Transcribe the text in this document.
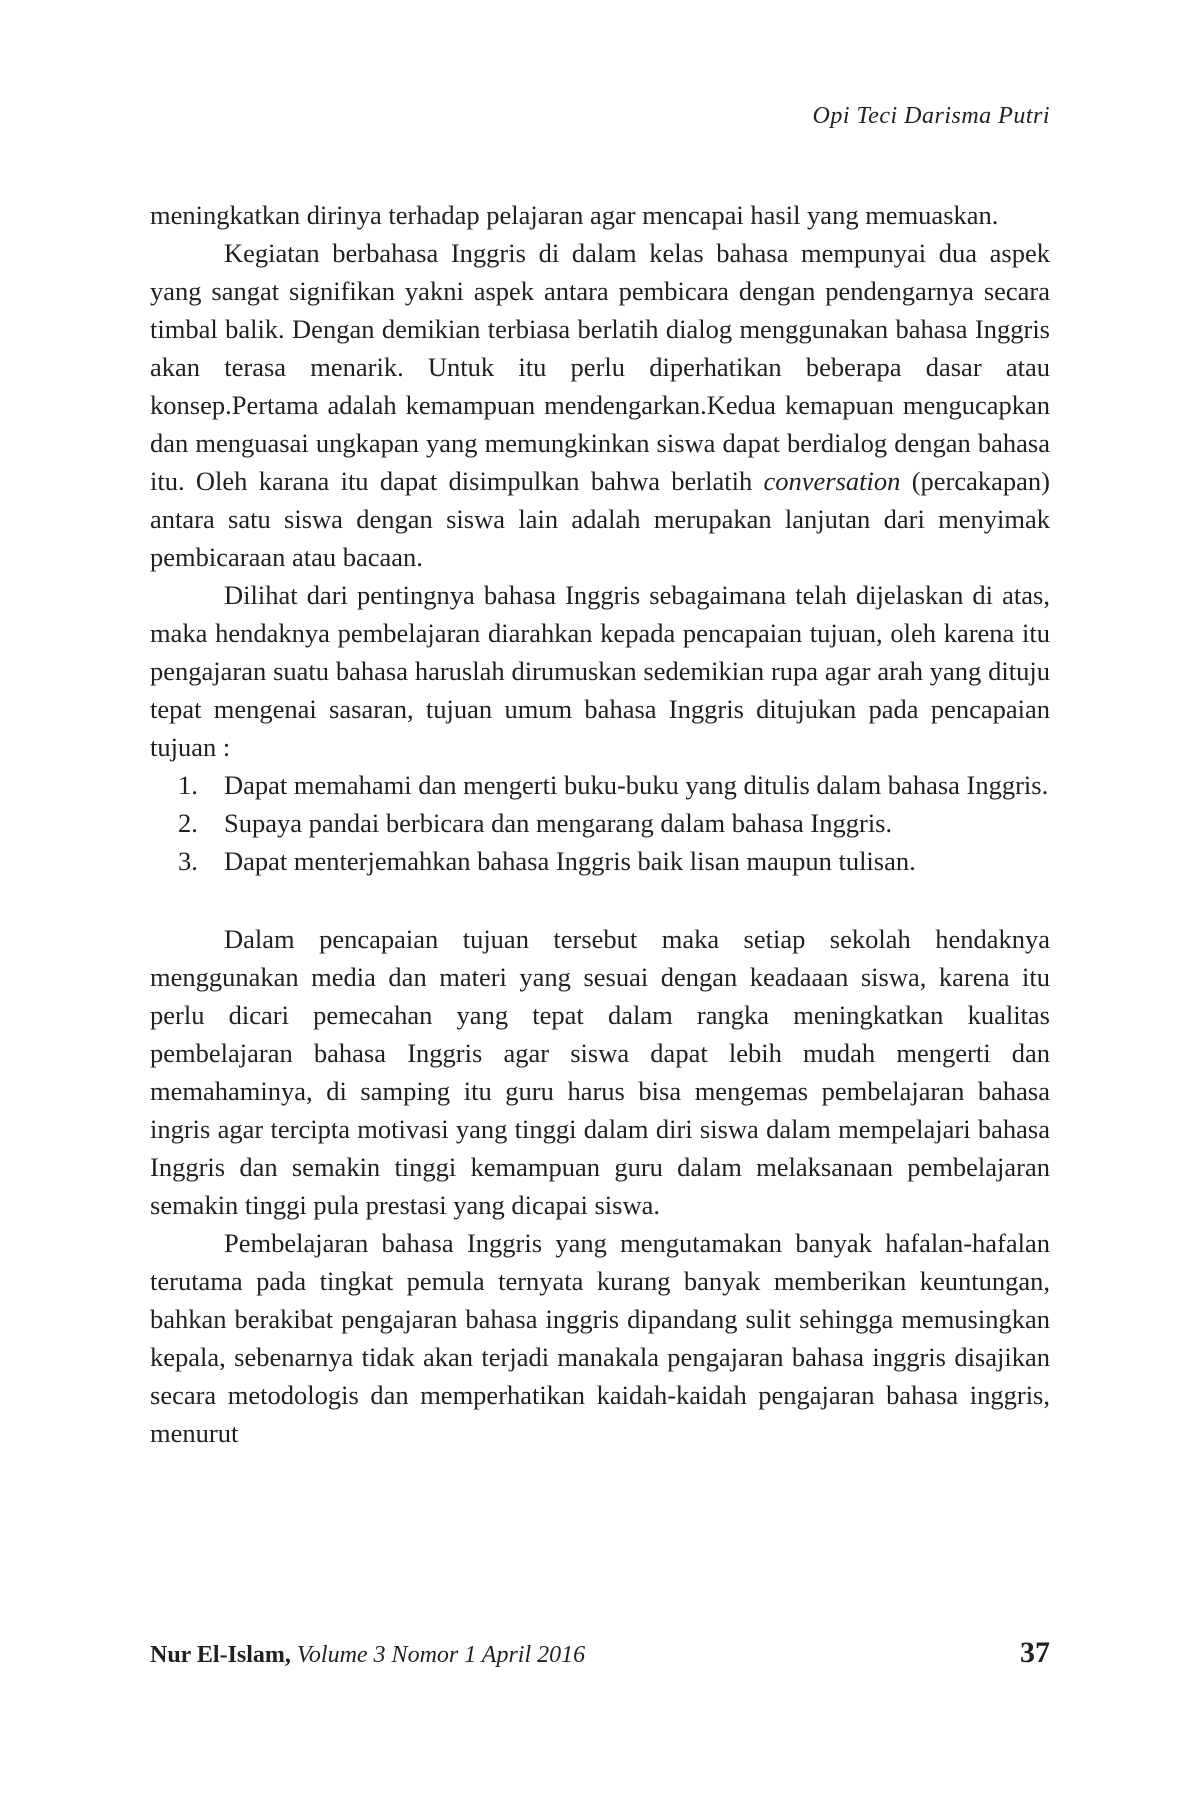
Opi Teci Darisma Putri

meningkatkan dirinya terhadap pelajaran agar mencapai hasil yang memuaskan.

Kegiatan berbahasa Inggris di dalam kelas bahasa mempunyai dua aspek yang sangat signifikan yakni aspek antara pembicara dengan pendengarnya secara timbal balik. Dengan demikian terbiasa berlatih dialog menggunakan bahasa Inggris akan terasa menarik. Untuk itu perlu diperhatikan beberapa dasar atau konsep.Pertama adalah kemampuan mendengarkan.Kedua kemapuan mengucapkan dan menguasai ungkapan yang memungkinkan siswa dapat berdialog dengan bahasa itu. Oleh karana itu dapat disimpulkan bahwa berlatih conversation (percakapan) antara satu siswa dengan siswa lain adalah merupakan lanjutan dari menyimak pembicaraan atau bacaan.

Dilihat dari pentingnya bahasa Inggris sebagaimana telah dijelaskan di atas, maka hendaknya pembelajaran diarahkan kepada pencapaian tujuan, oleh karena itu pengajaran suatu bahasa haruslah dirumuskan sedemikian rupa agar arah yang dituju tepat mengenai sasaran, tujuan umum bahasa Inggris ditujukan pada pencapaian tujuan :

1. Dapat memahami dan mengerti buku-buku yang ditulis dalam bahasa Inggris.
2. Supaya pandai berbicara dan mengarang dalam bahasa Inggris.
3. Dapat menterjemahkan bahasa Inggris baik lisan maupun tulisan.

Dalam pencapaian tujuan tersebut maka setiap sekolah hendaknya menggunakan media dan materi yang sesuai dengan keadaaan siswa, karena itu perlu dicari pemecahan yang tepat dalam rangka meningkatkan kualitas pembelajaran bahasa Inggris agar siswa dapat lebih mudah mengerti dan memahaminya, di samping itu guru harus bisa mengemas pembelajaran bahasa ingris agar tercipta motivasi yang tinggi dalam diri siswa dalam mempelajari bahasa Inggris dan semakin tinggi kemampuan guru dalam melaksanaan pembelajaran semakin tinggi pula prestasi yang dicapai siswa.

Pembelajaran bahasa Inggris yang mengutamakan banyak hafalan-hafalan terutama pada tingkat pemula ternyata kurang banyak memberikan keuntungan, bahkan berakibat pengajaran bahasa inggris dipandang sulit sehingga memusingkan kepala, sebenarnya tidak akan terjadi manakala pengajaran bahasa inggris disajikan secara metodologis dan memperhatikan kaidah-kaidah pengajaran bahasa inggris, menurut

Nur El-Islam, Volume 3 Nomor 1 April 2016	37
